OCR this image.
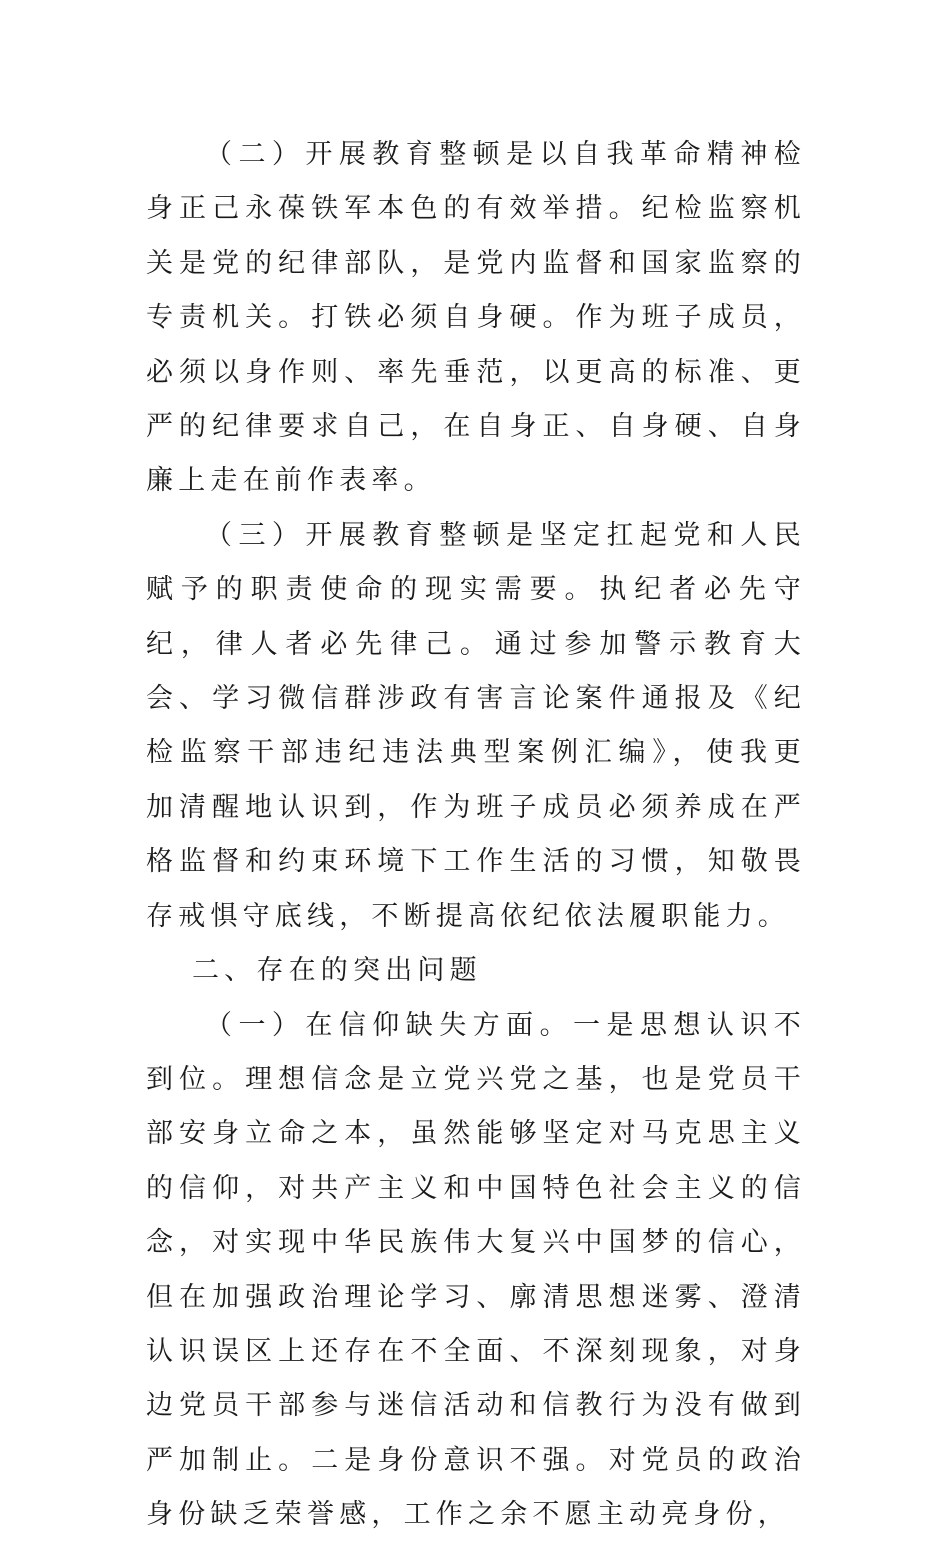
（二）开展教育整顿是以自我革命精神检身正己永葆铁军本色的有效举措。纪检监察机关是党的纪律部队，是党内监督和国家监察的专责机关。打铁必须自身硬。作为班子成员，必须以身作则、率先垂范，以更高的标准、更严的纪律要求自己，在自身正、自身硬、自身廉上走在前作表率。

（三）开展教育整顿是坚定扛起党和人民赋予的职责使命的现实需要。执纪者必先守纪，律人者必先律己。通过参加警示教育大会、学习微信群涉政有害言论案件通报及《纪检监察干部违纪违法典型案例汇编》，使我更加清醒地认识到，作为班子成员必须养成在严格监督和约束环境下工作生活的习惯，知敬畏存戒惧守底线，不断提高依纪依法履职能力。

二、存在的突出问题

（一）在信仰缺失方面。一是思想认识不到位。理想信念是立党兴党之基，也是党员干部安身立命之本，虽然能够坚定对马克思主义的信仰，对共产主义和中国特色社会主义的信念，对实现中华民族伟大复兴中国梦的信心，但在加强政治理论学习、廓清思想迷雾、澄清认识误区上还存在不全面、不深刻现象，对身边党员干部参与迷信活动和信教行为没有做到严加制止。二是身份意识不强。对党员的政治身份缺乏荣誉感，工作之余不愿主动亮身份，
